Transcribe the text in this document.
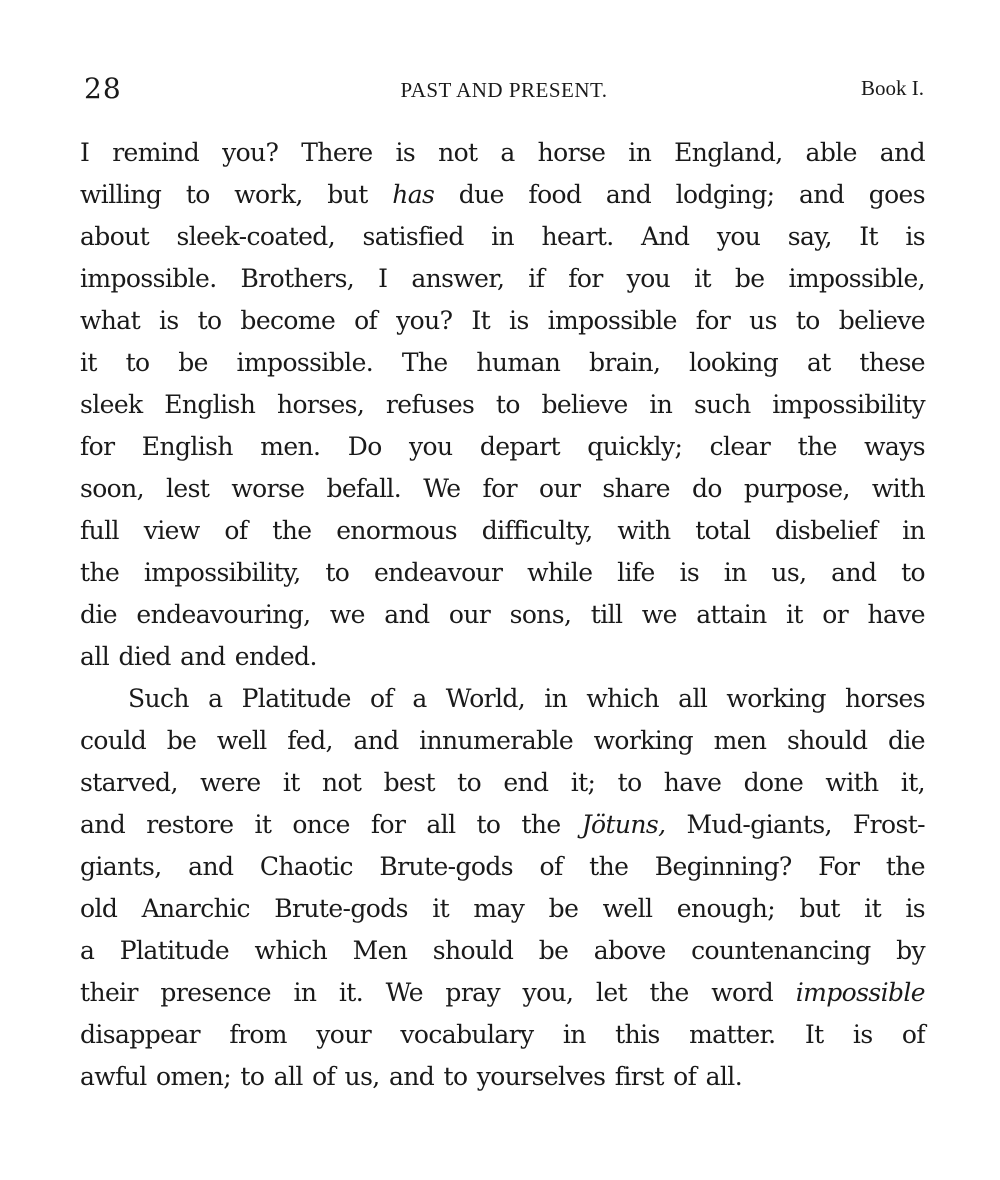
28	PAST AND PRESENT.	Book I.
I remind you? There is not a horse in England, able and
willing to work, but has due food and lodging; and goes
about sleek-coated, satisfied in heart. And you say, It is
impossible. Brothers, I answer, if for you it be impossible,
what is to become of you? It is impossible for us to believe
it to be impossible. The human brain, looking at these
sleek English horses, refuses to believe in such impossibility
for English men. Do you depart quickly; clear the ways
soon, lest worse befall. We for our share do purpose, with
full view of the enormous difficulty, with total disbelief in
the impossibility, to endeavour while life is in us, and to
die endeavouring, we and our sons, till we attain it or have
all died and ended.
Such a Platitude of a World, in which all working horses
could be well fed, and innumerable working men should die
starved, were it not best to end it; to have done with it,
and restore it once for all to the Jötuns, Mud-giants, Frost-
giants, and Chaotic Brute-gods of the Beginning? For the
old Anarchic Brute-gods it may be well enough; but it is
a Platitude which Men should be above countenancing by
their presence in it. We pray you, let the word impossible
disappear from your vocabulary in this matter. It is of
awful omen; to all of us, and to yourselves first of all.
